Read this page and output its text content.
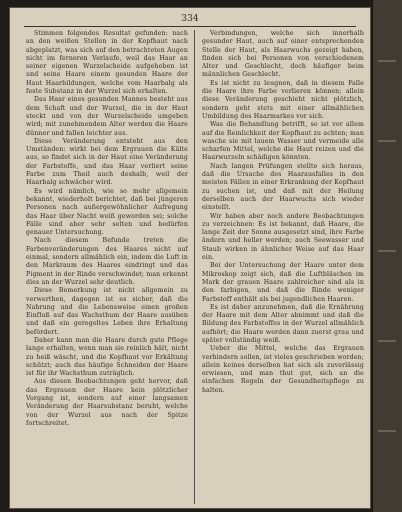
334

Stimmen folgendes Resultat gefunden: nach an den weißen Stellen in der Kopfhaut nach abgeplatzt, was sich auf den betrachteten Augen nicht im ferneren Verlaufe, weil das Haar an seiner eigenen Wurzelscheide aufgehoben ist und seine Haare einem gesunden Haare der Haut Haarbildungen, welche vom Haarbalg als feste Substanz in der Wurzel sich erhalten.

Das Haar eines gesunden Mannes besteht aus dem Schaft und der Wurzel, die in der Haut steckt und von der Wurzelscheide umgeben wird; mit zunehmendem Alter werden die Haare dünner und fallen leichter aus.

Diese Veränderung entsteht aus den Umständen: wirkt bei dem Ergrauen die Kälte aus, so findet sich in der Haut eine Veränderung der Farbstoffe, und das Haar verliert seine Farbe zum Theil auch deshalb, weil der Haarbalg schwächer wird.

Es wird nämlich, wie so mehr allgemein bekannt, wiederholt berichtet, daß bei jüngeren Personen nach außergewöhnlicher Aufregung das Haar über Nacht weiß geworden sei; solche Fälle sind aber sehr selten und bedürfen genauer Untersuchung.

Nach diesem Befunde treten die Farbenveränderungen des Haares nicht auf einmal, sondern allmählich ein, indem die Luft in den Markraum des Haares eindringt und das Pigment in der Rinde verschwindet; man erkennt dies an der Wurzel sehr deutlich.

Diese Bemerkung ist nicht allgemein zu verwerthen, dagegen ist es sicher, daß die Nahrung und die Lebensweise einen großen Einfluß auf das Wachsthum der Haare ausüben und daß ein geregeltes Leben ihre Erhaltung befördert.

Daher kann man die Haare durch gute Pflege lange erhalten, wenn man sie reinlich hält, nicht zu heiß wäscht, und die Kopfhaut vor Erkältung schützt; auch das häufige Schneiden der Haare ist für ihr Wachsthum zuträglich.

Aus diesen Beobachtungen geht hervor, daß das Ergrauen der Haare kein plötzlicher Vorgang ist, sondern auf einer langsamen Veränderung der Haarsubstanz beruht, welche von der Wurzel aus nach der Spitze fortschreitet.

Verbindungen, welche sich innerhalb gesunder Haut, auch auf einer entsprechenden Stelle der Haut, als Haarwuchs gezeigt haben, finden sich bei Personen von verschiedenem Alter und Geschlecht, doch häufiger beim männlichen Geschlecht.

Es ist nicht zu leugnen, daß in diesem Falle die Haare ihre Farbe verlieren können; allein diese Veränderung geschieht nicht plötzlich, sondern geht stets mit einer allmählichen Umbildung des Haarmarkes vor sich.

Was die Behandlung betrifft, so ist vor allem auf die Reinlichkeit der Kopfhaut zu achten; man wasche sie mit lauem Wasser und vermeide alle scharfen Mittel, welche die Haut reizen und die Haarwurzeln schädigen könnten.

Nach langen Prüfungen stellte sich heraus, daß die Ursache des Haarausfalles in den meisten Fällen in einer Erkrankung der Kopfhaut zu suchen ist, und daß mit der Heilung derselben auch der Haarwuchs sich wieder einstellt.

Wir haben aber noch andere Beobachtungen zu verzeichnen: Es ist bekannt, daß Haare, die lange Zeit der Sonne ausgesetzt sind, ihre Farbe ändern und heller werden; auch Seewasser und Staub wirken in ähnlicher Weise auf das Haar ein.

Bei der Untersuchung der Haare unter dem Mikroskop zeigt sich, daß die Luftbläschen im Mark der grauen Haare zahlreicher sind als in den farbigen, und daß die Rinde weniger Farbstoff enthält als bei jugendlichen Haaren.

Es ist daher anzunehmen, daß die Ernährung der Haare mit dem Alter abnimmt und daß die Bildung des Farbstoffes in der Wurzel allmählich aufhört; die Haare werden dann zuerst grau und später vollständig weiß.

Ueber die Mittel, welche das Ergrauen verhindern sollen, ist vieles geschrieben worden; allein keines derselben hat sich als zuverlässig erwiesen, und man thut gut, sich an die einfachen Regeln der Gesundheitspflege zu halten.
